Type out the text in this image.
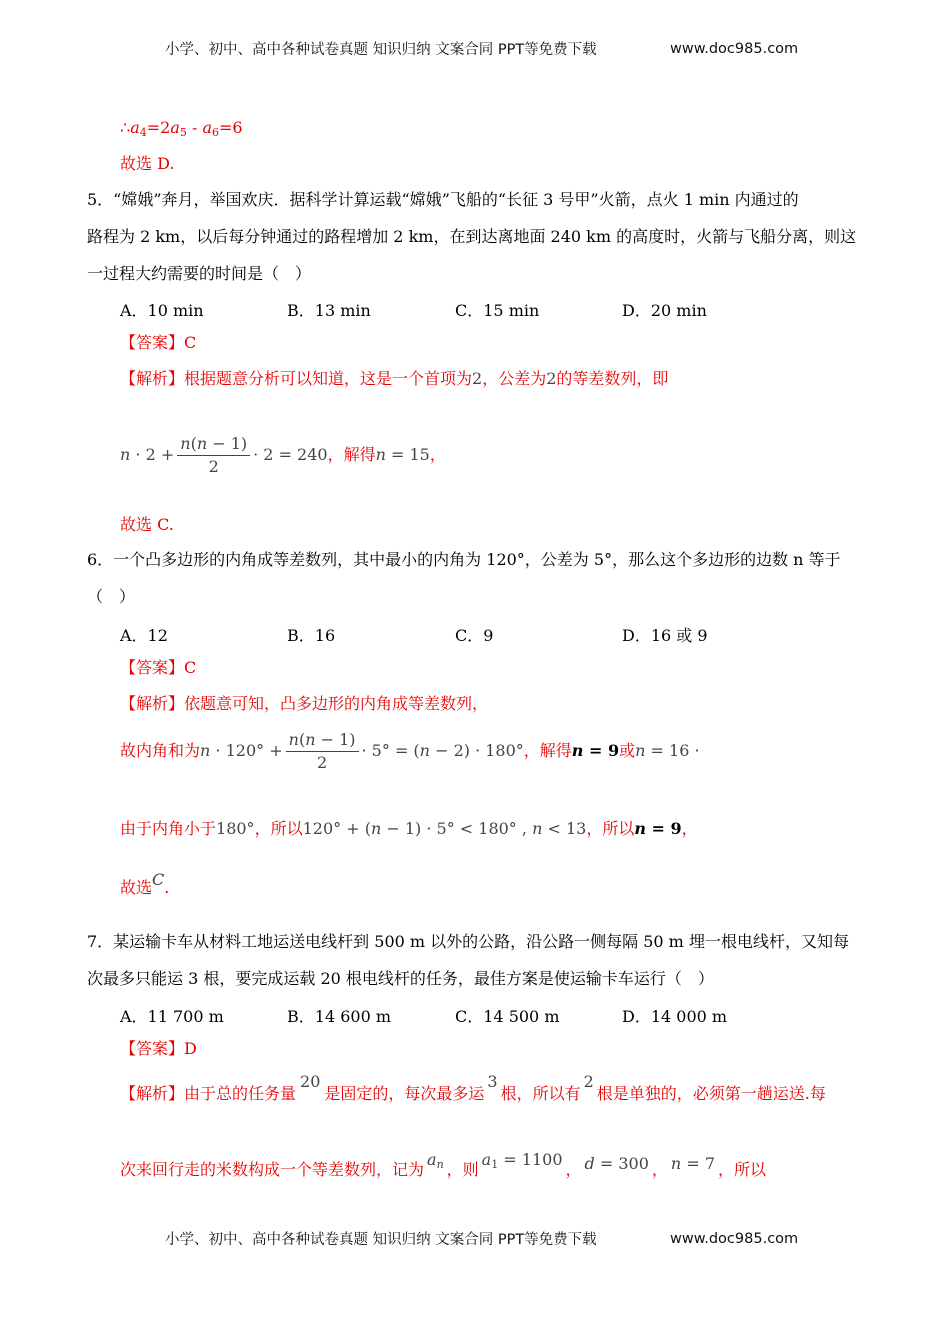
小学、初中、高中各种试卷真题 知识归纳 文案合同 PPT等免费下载	www.doc985.com
$\therefore a_4=2a_5 - a_6=6$
故选 D.
5．“嫦娥”奔月，举国欢庆．据科学计算运载“嫦娥”飞船的“长征 3 号甲”火箭，点火 1 min 内通过的
路程为 2 km，以后每分钟通过的路程增加 2 km，在到达离地面 240 km 的高度时，火箭与飞船分离，则这
一过程大约需要的时间是（　）
A．10 min	B．13 min	C．15 min	D．20 min
【答案】C
【解析】根据题意分析可以知道，这是一个首项为2，公差为2的等差数列，即
$n \cdot 2 + \frac{n(n - 1)}{2} \cdot 2 = 240$，解得n = 15，
故选 C.
6．一个凸多边形的内角成等差数列，其中最小的内角为 120°，公差为 5°，那么这个多边形的边数 n 等于
（　）
A．12	B．16	C．9	D．16 或 9
【答案】C
【解析】依题意可知，凸多边形的内角成等差数列，
故内角和为$n \cdot 120^\circ + \frac{n(n - 1)}{2} \cdot 5^\circ = (n - 2) \cdot 180^\circ$，解得n = 9或n = 16 ·
由于内角小于180°，所以120° + (n − 1) · 5° < 180° , n < 13，所以n = 9，
故选C.
7．某运输卡车从材料工地运送电线杆到 500 m 以外的公路，沿公路一侧每隔 50 m 埋一根电线杆，又知每
次最多只能运 3 根，要完成运载 20 根电线杆的任务，最佳方案是使运输卡车运行（　）
A．11 700 m	B．14 600 m	C．14 500 m	D．14 000 m
【答案】D
【解析】由于总的任务量20是固定的，每次最多运3根，所以有2根是单独的，必须第一趟运送.每
次来回行走的米数构成一个等差数列，记为$a_n$ ，则$a_1 = 1100$， d = 300 ， n = 7 ，所以
小学、初中、高中各种试卷真题 知识归纳 文案合同 PPT等免费下载	www.doc985.com
